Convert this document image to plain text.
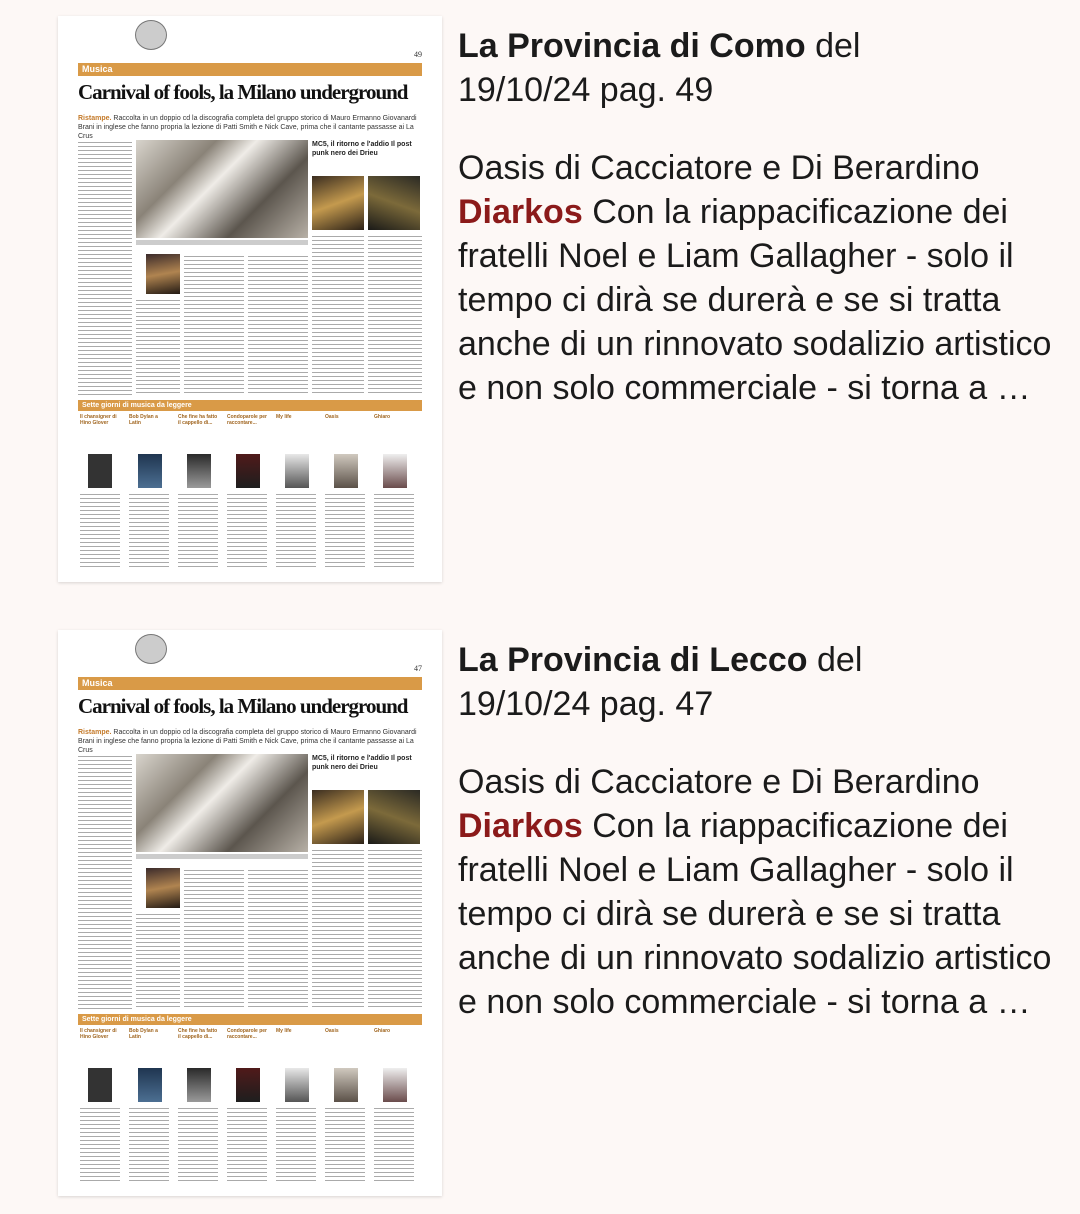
49
Musica
Carnival of fools, la Milano underground
Ristampe. Raccolta in un doppio cd la discografia completa del gruppo storico di Mauro Ermanno Giovanardi Brani in inglese che fanno propria la lezione di Patti Smith e Nick Cave, prima che il cantante passasse ai La Crus
MC5, il ritorno e l'addio Il post punk nero dei Drieu
Sette giorni di musica da leggere
Il chansigner di Hino Glover
Bob Dylan a Latin
Che fine ha fatto il cappello di...
Condoparole per raccontare...
My life	Oasis	Ghiaro
La Provincia di Como del
19/10/24 pag. 49
Oasis di Cacciatore e Di Berardino
Diarkos Con la riappacificazione dei fratelli Noel e Liam Gallagher - solo il tempo ci dirà se durerà e se si tratta anche di un rinnovato sodalizio artistico e non solo commerciale - si torna a …
47
Musica
Carnival of fools, la Milano underground
Ristampe. Raccolta in un doppio cd la discografia completa del gruppo storico di Mauro Ermanno Giovanardi Brani in inglese che fanno propria la lezione di Patti Smith e Nick Cave, prima che il cantante passasse ai La Crus
MC5, il ritorno e l'addio Il post punk nero dei Drieu
Sette giorni di musica da leggere
Il chansigner di Hino Glover
Bob Dylan a Latin
Che fine ha fatto il cappello di...
Condoparole per raccontare...
My life	Oasis	Ghiaro
La Provincia di Lecco del
19/10/24 pag. 47
Oasis di Cacciatore e Di Berardino
Diarkos Con la riappacificazione dei fratelli Noel e Liam Gallagher - solo il tempo ci dirà se durerà e se si tratta anche di un rinnovato sodalizio artistico e non solo commerciale - si torna a …
